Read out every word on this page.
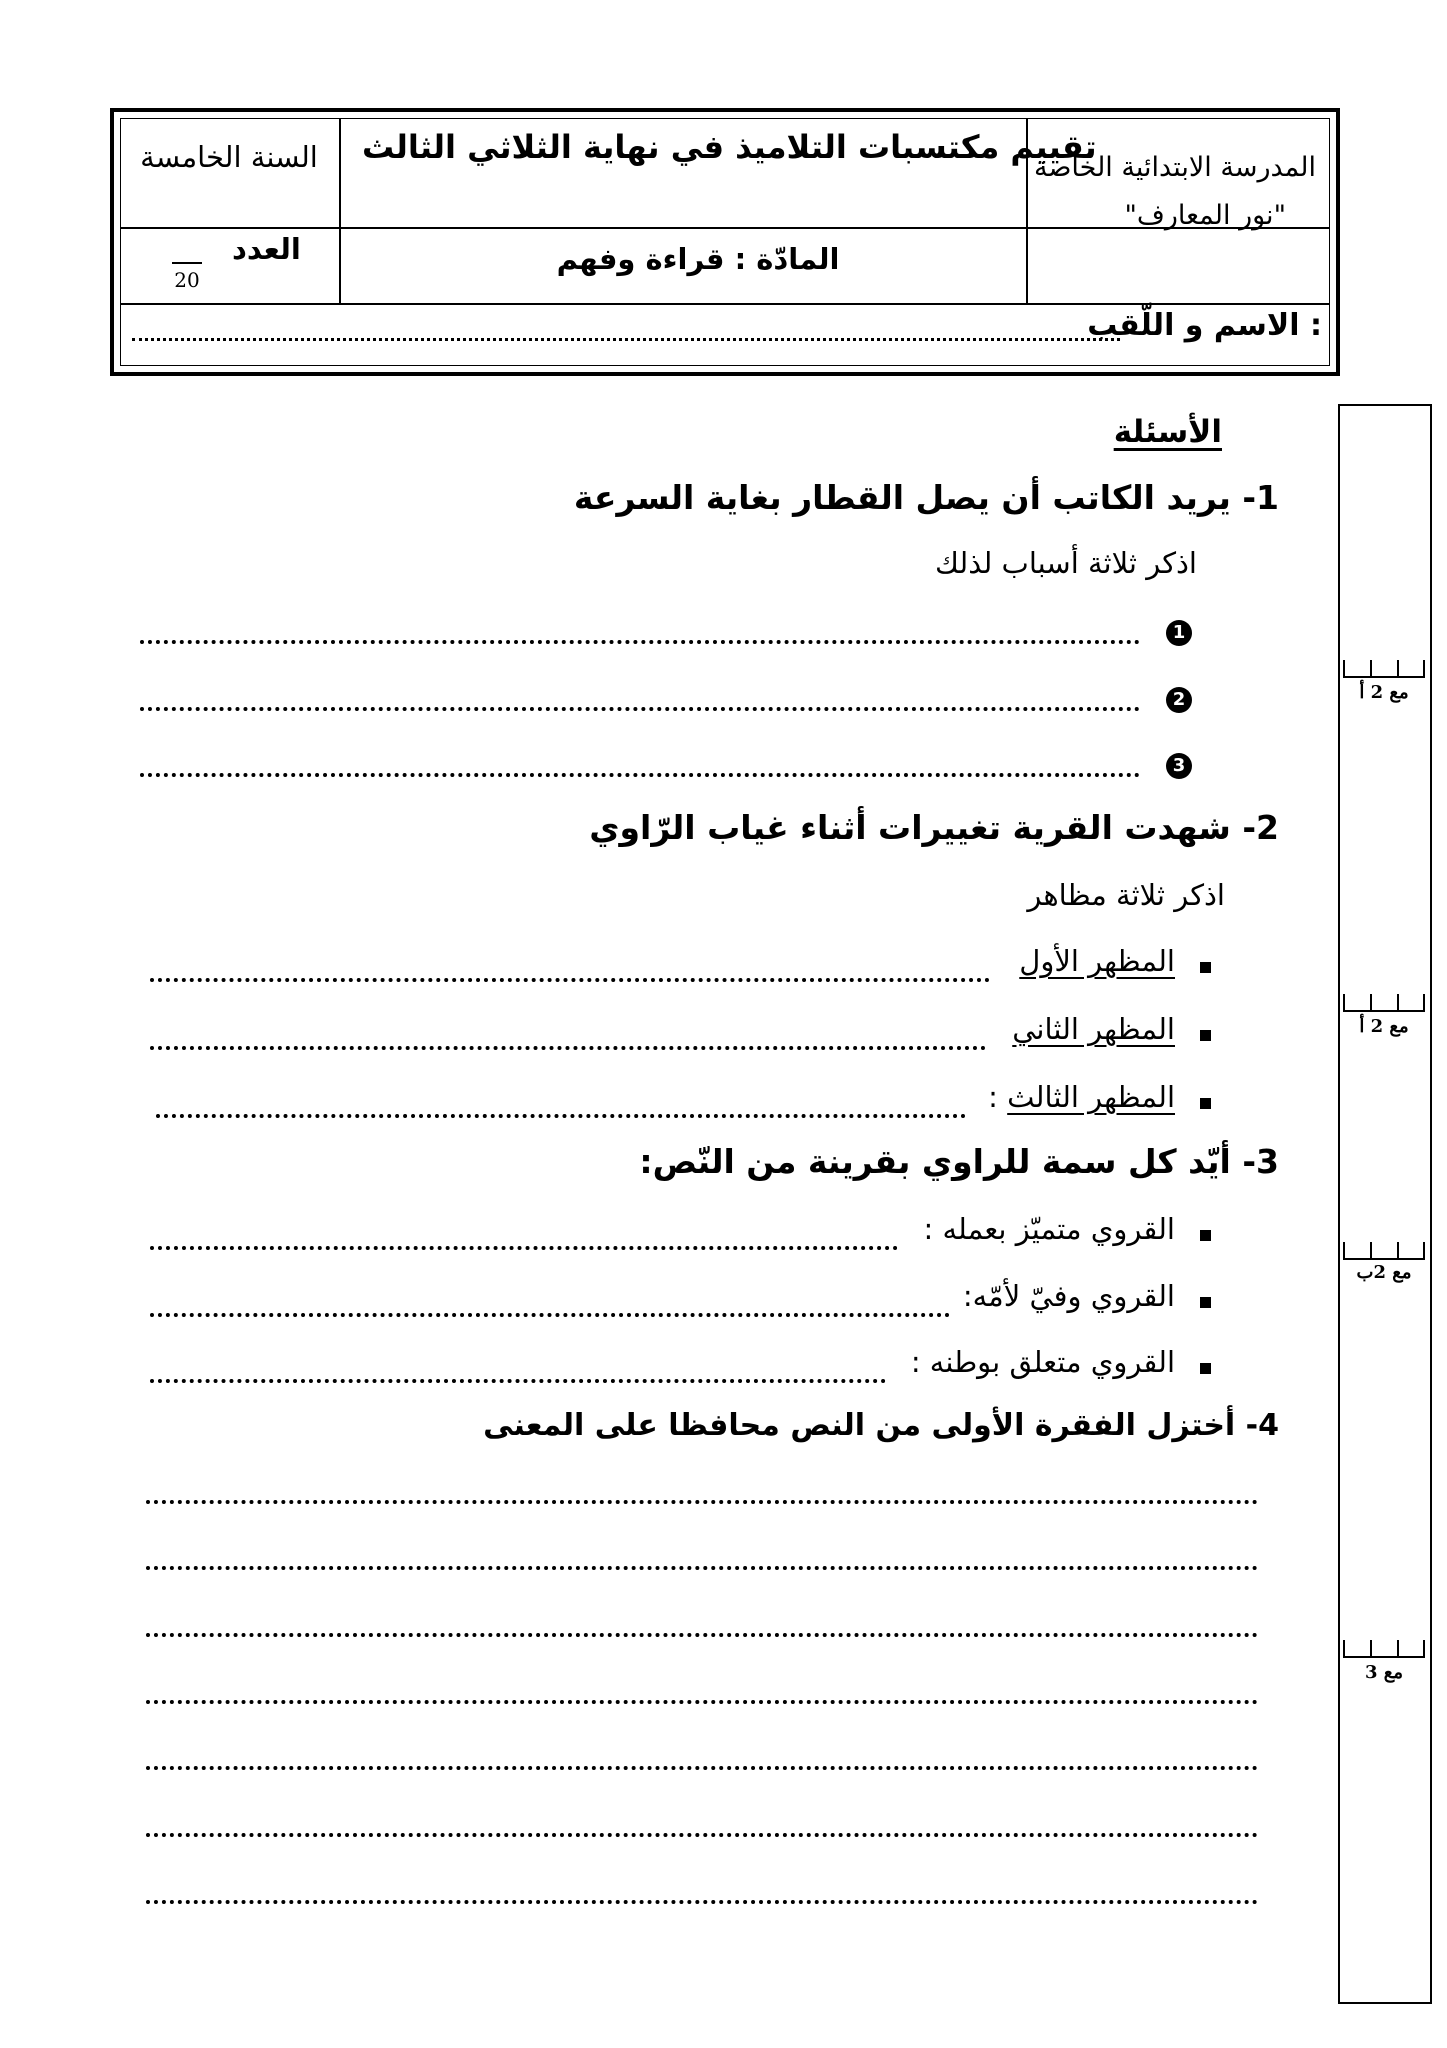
المدرسة الابتدائية الخاصة
"نور المعارف"
تقييم مكتسبات التلاميذ في نهاية الثلاثي الثالث
المادّة : قراءة وفهم
السنة الخامسة
العدد
20
الاسم و اللّقب :
مع 2 أ
مع 2 أ
مع 2ب
مع 3
الأسئلة
1- يريد الكاتب أن يصل القطار بغاية السرعة
اذكر ثلاثة أسباب لذلك
1
2
3
2- شهدت القرية تغييرات أثناء غياب الرّاوي
اذكر ثلاثة مظاهر
المظهر الأول
المظهر الثاني
المظهر الثالث :
3- أيّد كل سمة للراوي بقرينة من النّص:
القروي متميّز بعمله :
القروي وفيّ لأمّه:
القروي متعلق بوطنه :
4- أختزل الفقرة الأولى من النص محافظا على المعنى
